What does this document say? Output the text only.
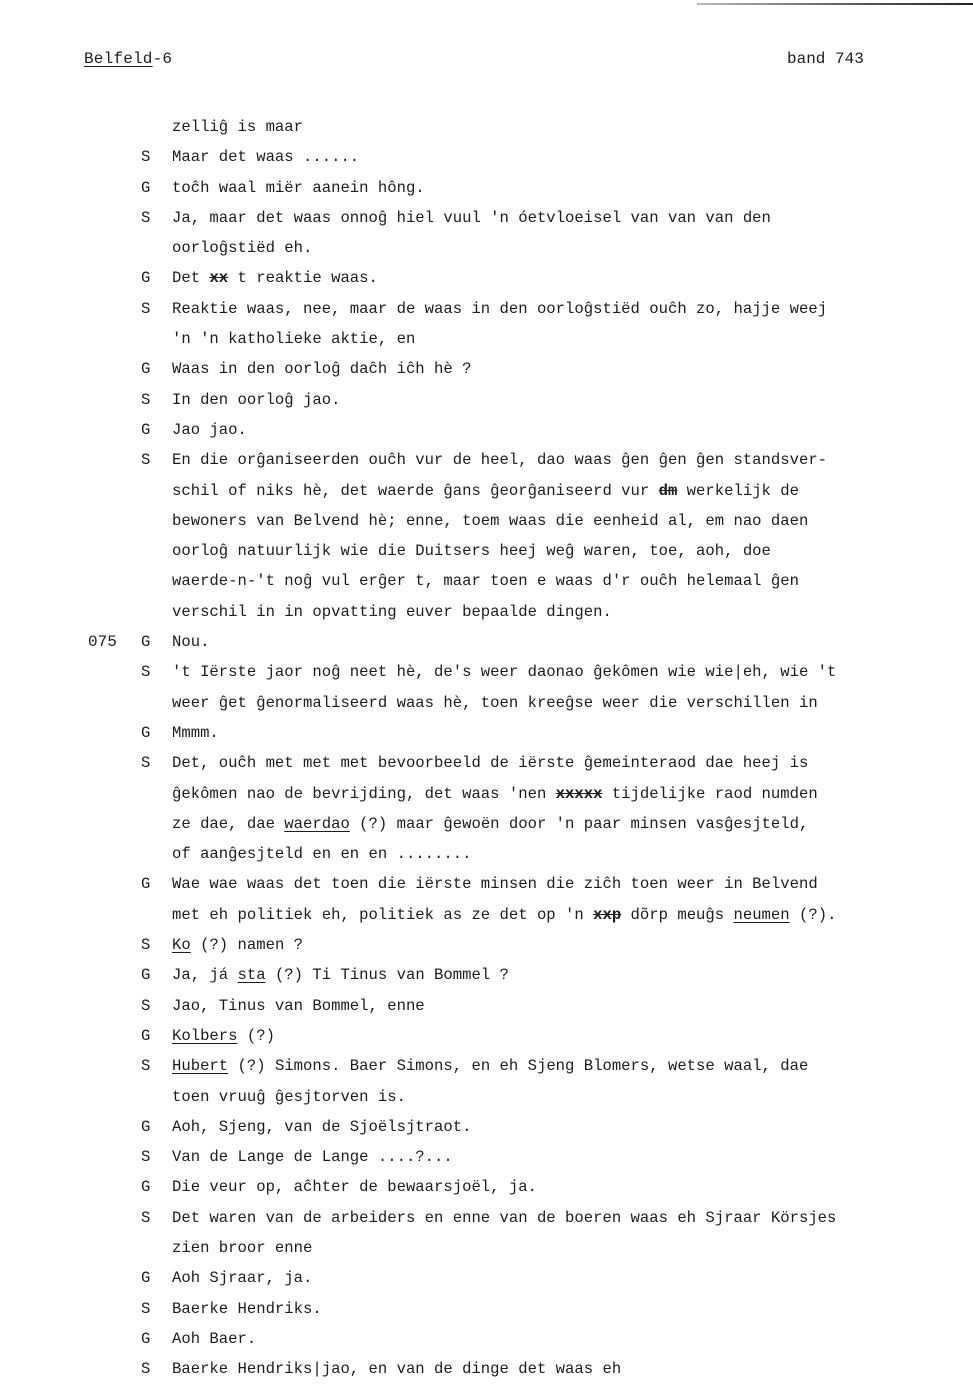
Belfeld-6	band 743
zelliĝ is maar
S Maar det waas ......
G toĉh waal miër aanein hông.
S Ja, maar det waas onnoĝ hiel vuul 'n óetvloeisel van van van den
oorloĝstiëd eh.
G Det xx t reaktie waas.
S Reaktie waas, nee, maar de waas in den oorloĝstiëd ouĉh zo, hajje weej
'n 'n katholieke aktie, en
G Waas in den oorloĝ daĉh iĉh hè ?
S In den oorloĝ jao.
G Jao jao.
S En die orĝaniseerden ouĉh vur de heel, dao waas ĝen ĝen ĝen standsver-
schil of niks hè, det waerde ĝans ĝeorĝaniseerd vur dm werkelijk de
bewoners van Belvend hè; enne, toem waas die eenheid al, em nao daen
oorloĝ natuurlijk wie die Duitsers heej weĝ waren, toe, aoh, doe
waerde-n-'t noĝ vul erĝer t, maar toen e waas d'r ouĉh helemaal ĝen
verschil in in opvatting euver bepaalde dingen.
075 G Nou.
S 't Iërste jaor noĝ neet hè, de's weer daonao ĝekômen wie wie|eh, wie 't
weer ĝet ĝenormaliseerd waas hè, toen kreeĝse weer die verschillen in
G Mmmm.
S Det, ouĉh met met met bevoorbeeld de iërste ĝemeinteraod dae heej is
ĝekômen nao de bevrijding, det waas 'nen xxxxx tijdelijke raod numden
ze dae, dae waerdao (?) maar ĝewoën door 'n paar minsen vasĝesjteld,
of aanĝesjteld en en en ........
G Wae wae waas det toen die iërste minsen die ziĉh toen weer in Belvend
met eh politiek eh, politiek as ze det op 'n xxp dõrp meuĝs neumen (?).
S Ko (?) namen ?
G Ja, já sta (?) Ti Tinus van Bommel ?
S Jao, Tinus van Bommel, enne
G Kolbers (?)
S Hubert (?) Simons. Baer Simons, en eh Sjeng Blomers, wetse waal, dae
toen vruuĝ ĝesjtorven is.
G Aoh, Sjeng, van de Sjoëlsjtraot.
S Van de Lange de Lange ....?...
G Die veur op, aĉhter de bewaarsjoël, ja.
S Det waren van de arbeiders en enne van de boeren waas eh Sjraar Körsjes
zien broor enne
G Aoh Sjraar, ja.
S Baerke Hendriks.
G Aoh Baer.
S Baerke Hendriks|jao, en van de dinge det waas eh
